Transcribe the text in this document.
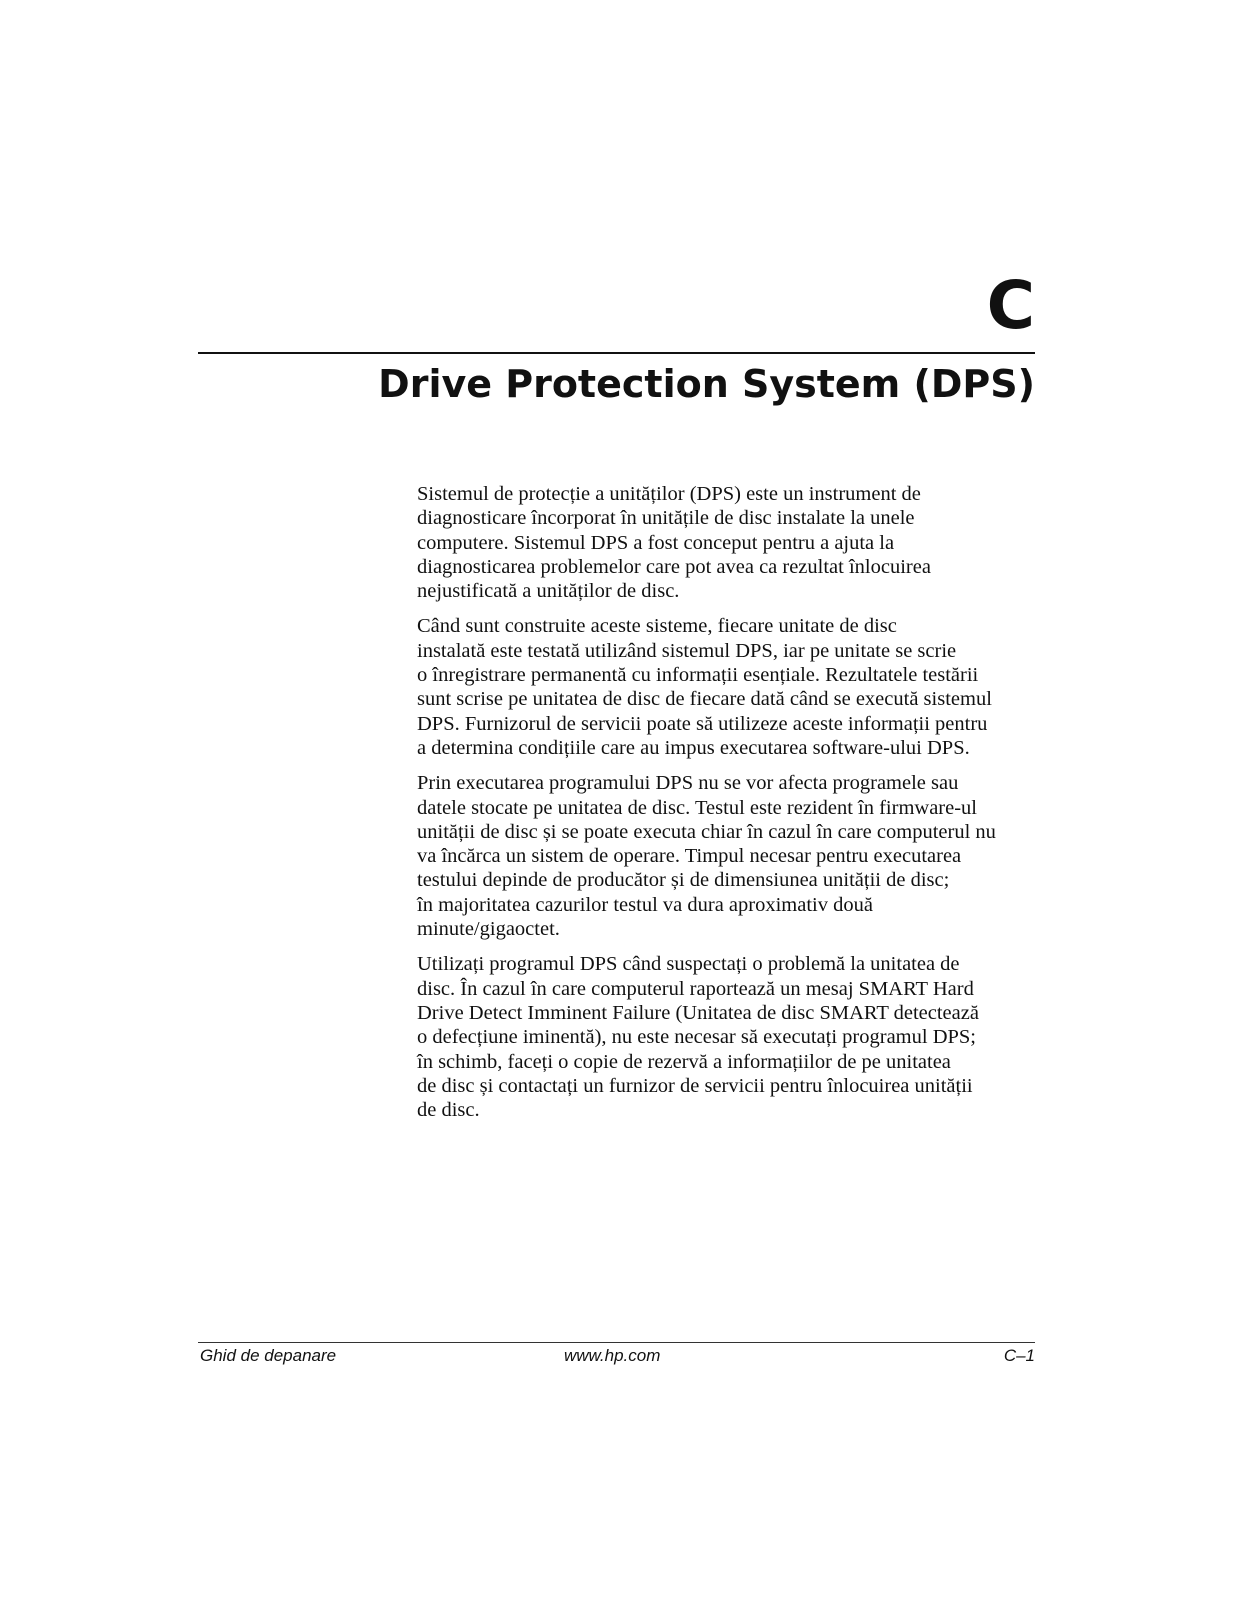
C
Drive Protection System (DPS)

Sistemul de protecție a unităților (DPS) este un instrument de
diagnosticare încorporat în unitățile de disc instalate la unele
computere. Sistemul DPS a fost conceput pentru a ajuta la
diagnosticarea problemelor care pot avea ca rezultat înlocuirea
nejustificată a unităților de disc.

Când sunt construite aceste sisteme, fiecare unitate de disc
instalată este testată utilizând sistemul DPS, iar pe unitate se scrie
o înregistrare permanentă cu informații esențiale. Rezultatele testării
sunt scrise pe unitatea de disc de fiecare dată când se execută sistemul
DPS. Furnizorul de servicii poate să utilizeze aceste informații pentru
a determina condițiile care au impus executarea software-ului DPS.

Prin executarea programului DPS nu se vor afecta programele sau
datele stocate pe unitatea de disc. Testul este rezident în firmware-ul
unității de disc și se poate executa chiar în cazul în care computerul nu
va încărca un sistem de operare. Timpul necesar pentru executarea
testului depinde de producător și de dimensiunea unității de disc;
în majoritatea cazurilor testul va dura aproximativ două
minute/gigaoctet.

Utilizați programul DPS când suspectați o problemă la unitatea de
disc. În cazul în care computerul raportează un mesaj SMART Hard
Drive Detect Imminent Failure (Unitatea de disc SMART detectează
o defecțiune iminentă), nu este necesar să executați programul DPS;
în schimb, faceți o copie de rezervă a informațiilor de pe unitatea
de disc și contactați un furnizor de servicii pentru înlocuirea unității
de disc.

Ghid de depanare	www.hp.com	C–1
